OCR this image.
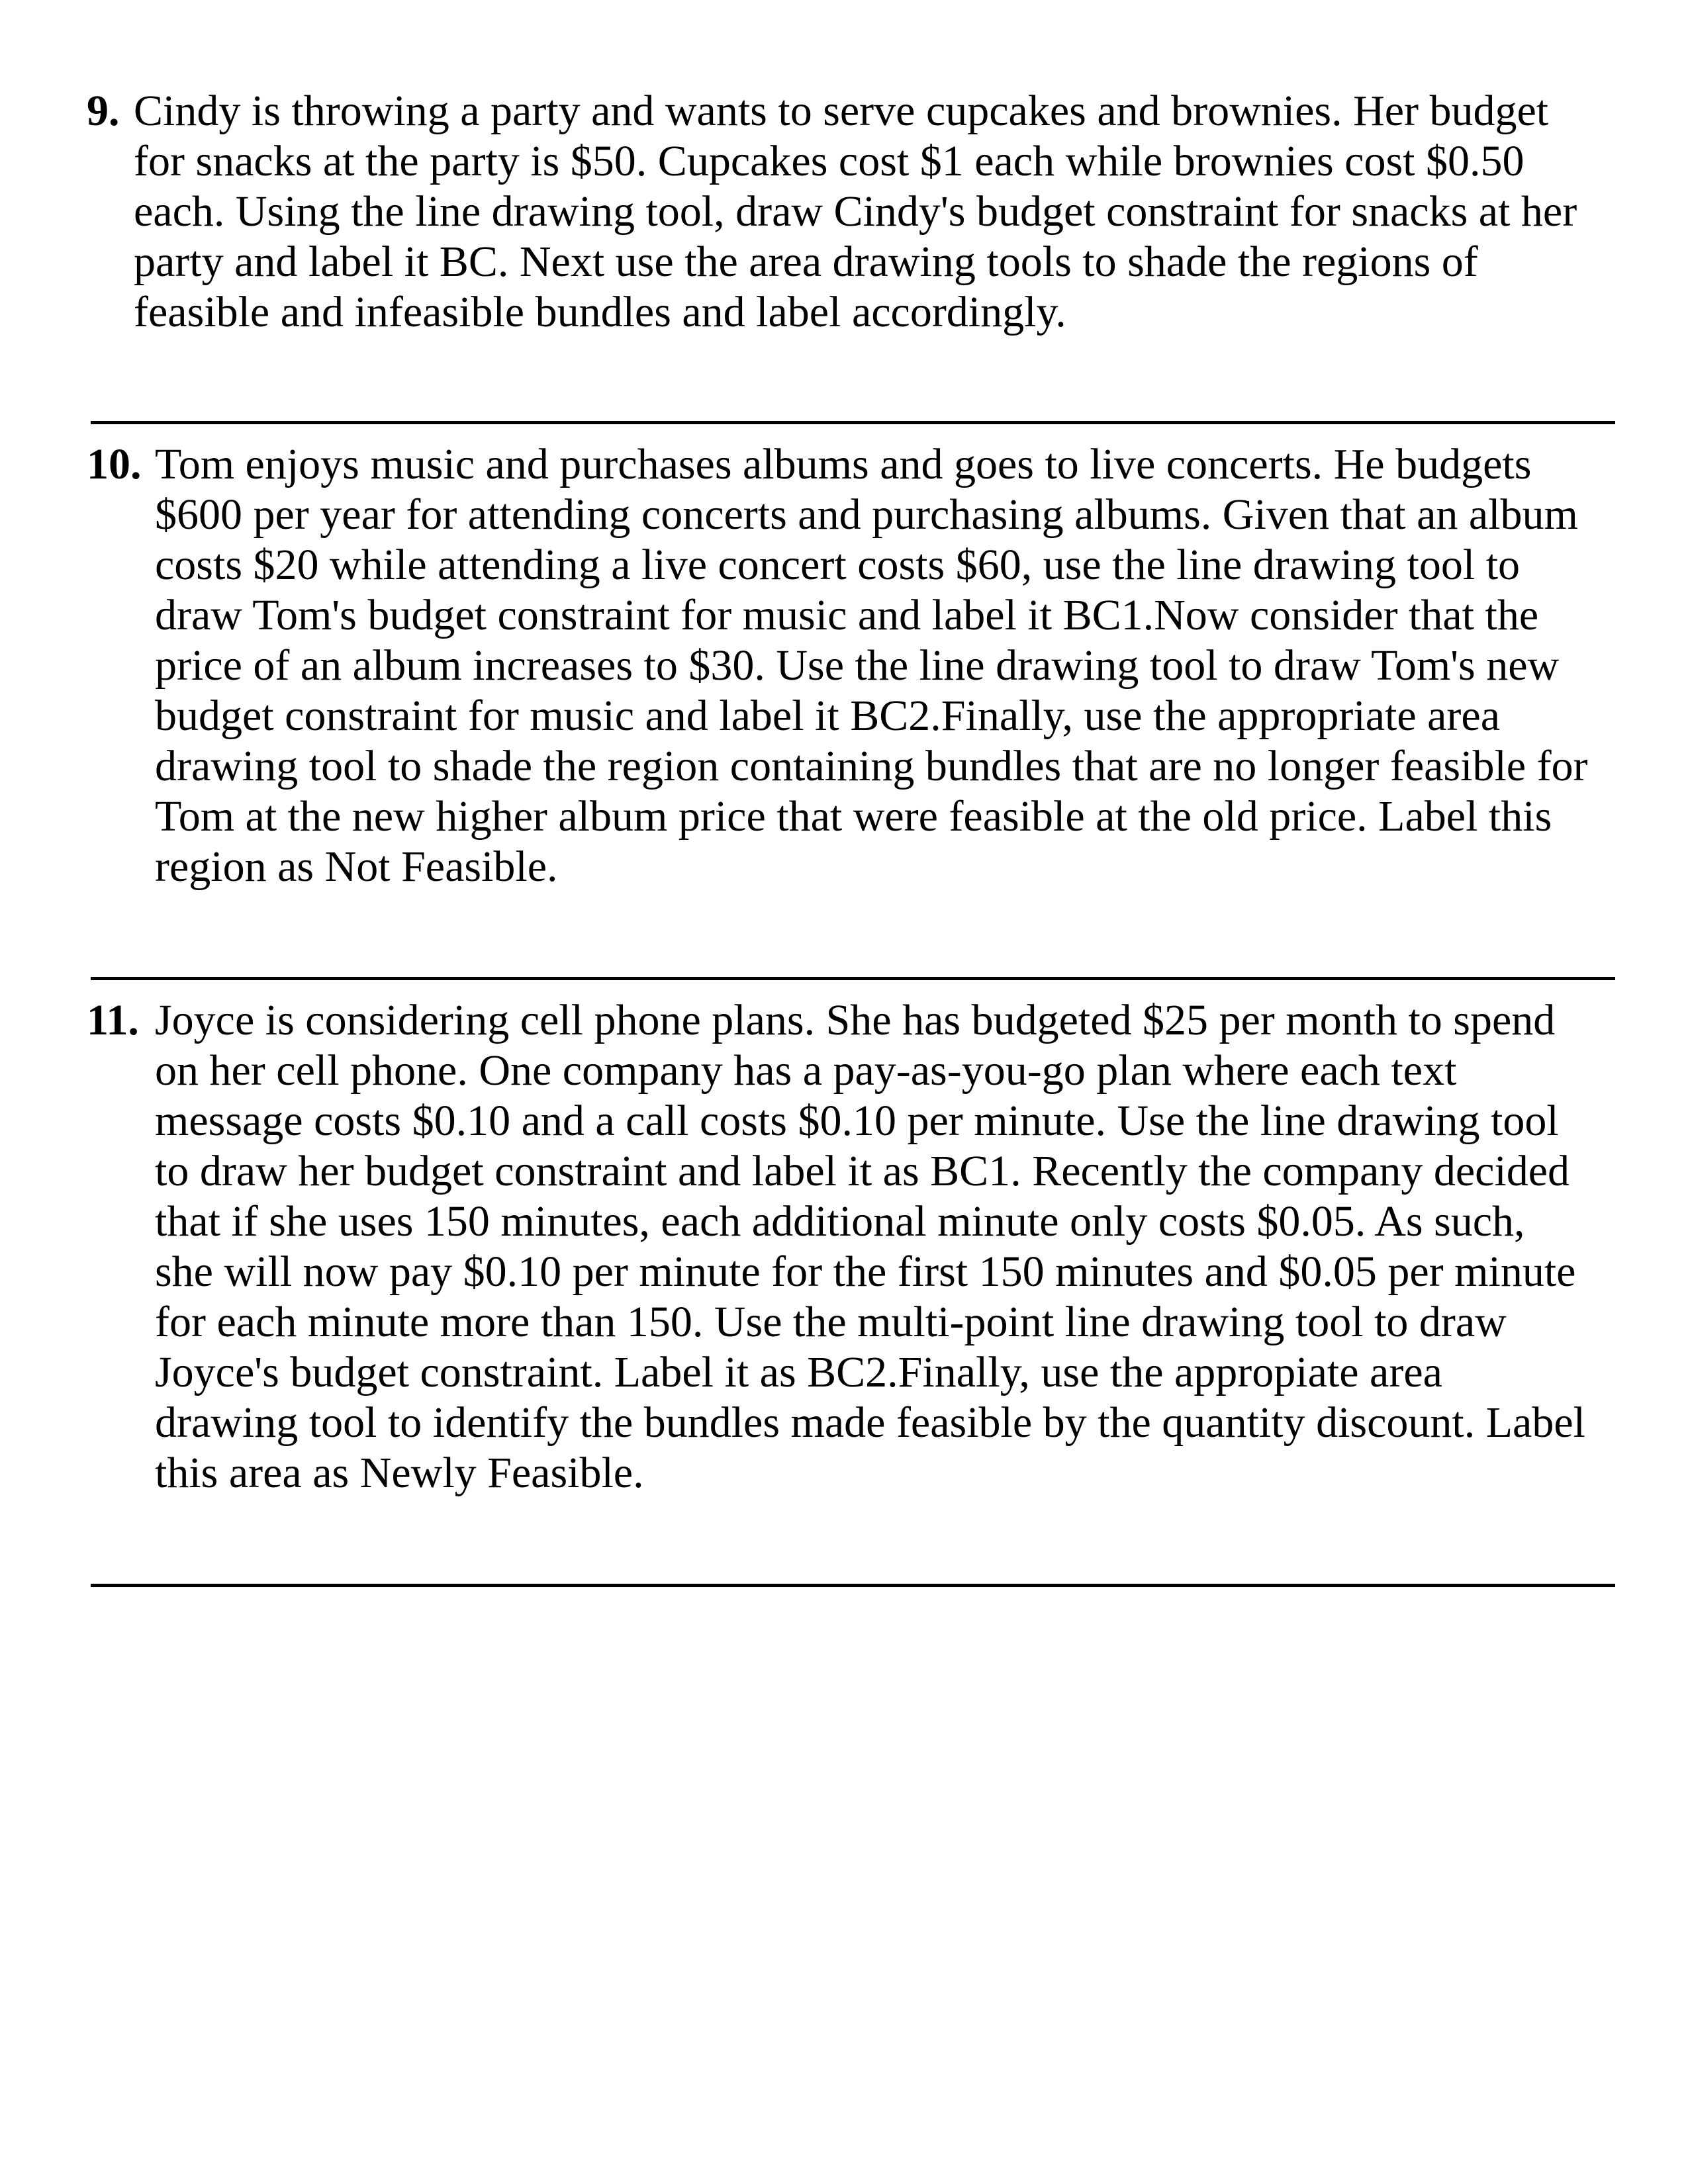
9. Cindy is throwing a party and wants to serve cupcakes and brownies. Her budget
for snacks at the party is $50. Cupcakes cost $1 each while brownies cost $0.50
each. Using the line drawing tool, draw Cindy's budget constraint for snacks at her
party and label it BC. Next use the area drawing tools to shade the regions of
feasible and infeasible bundles and label accordingly.
10. Tom enjoys music and purchases albums and goes to live concerts. He budgets
$600 per year for attending concerts and purchasing albums. Given that an album
costs $20 while attending a live concert costs $60, use the line drawing tool to
draw Tom's budget constraint for music and label it BC1.Now consider that the
price of an album increases to $30. Use the line drawing tool to draw Tom's new
budget constraint for music and label it BC2.Finally, use the appropriate area
drawing tool to shade the region containing bundles that are no longer feasible for
Tom at the new higher album price that were feasible at the old price. Label this
region as Not Feasible.
11. Joyce is considering cell phone plans. She has budgeted $25 per month to spend
on her cell phone. One company has a pay-as-you-go plan where each text
message costs $0.10 and a call costs $0.10 per minute. Use the line drawing tool
to draw her budget constraint and label it as BC1. Recently the company decided
that if she uses 150 minutes, each additional minute only costs $0.05. As such,
she will now pay $0.10 per minute for the first 150 minutes and $0.05 per minute
for each minute more than 150. Use the multi-point line drawing tool to draw
Joyce's budget constraint. Label it as BC2.Finally, use the appropiate area
drawing tool to identify the bundles made feasible by the quantity discount. Label
this area as Newly Feasible.
